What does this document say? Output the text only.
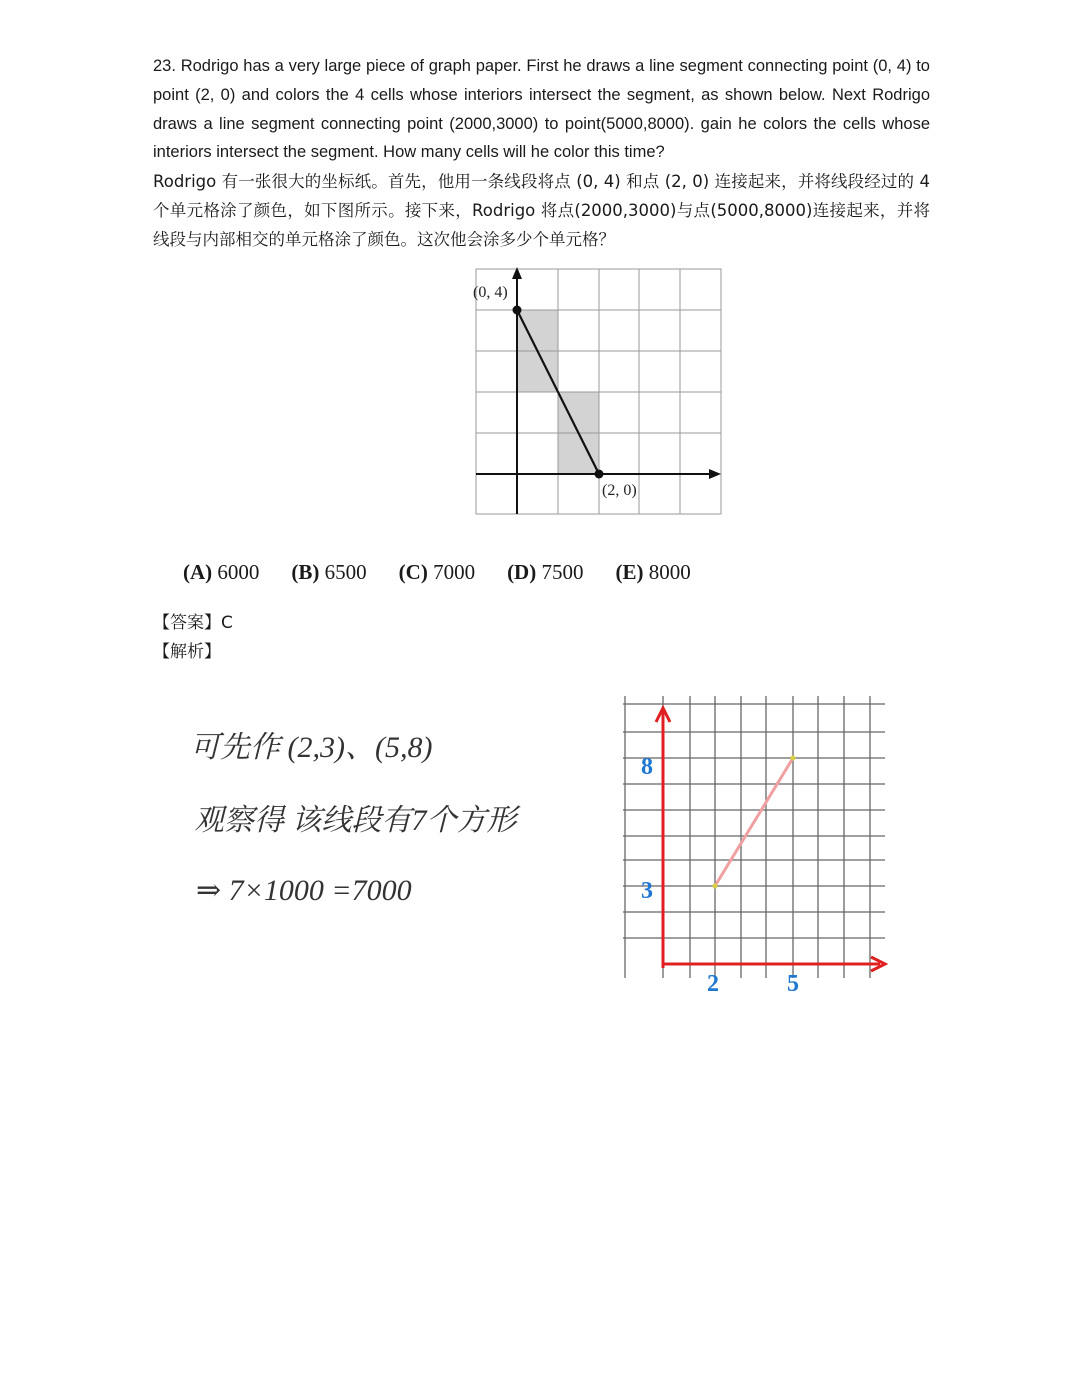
23. Rodrigo has a very large piece of graph paper. First he draws a line segment connecting point (0, 4) to point (2, 0) and colors the 4 cells whose interiors intersect the segment, as shown below. Next Rodrigo draws a line segment connecting point (2000,3000) to point(5000,8000). gain he colors the cells whose interiors intersect the segment. How many cells will he color this time?

Rodrigo 有一张很大的坐标纸。首先，他用一条线段将点 (0, 4) 和点 (2, 0) 连接起来，并将线段经过的 4 个单元格涂了颜色，如下图所示。接下来，Rodrigo 将点(2000,3000)与点(5000,8000)连接起来，并将线段与内部相交的单元格涂了颜色。这次他会涂多少个单元格？

(0, 4)
(2, 0)
(A) 6000 (B) 6500 (C) 7000 (D) 7500 (E) 8000
【答案】C
【解析】
可先作 (2,3)、(5,8)
观察得 该线段有7个方形
⇒ 7×1000 =7000
8
3
2	5
